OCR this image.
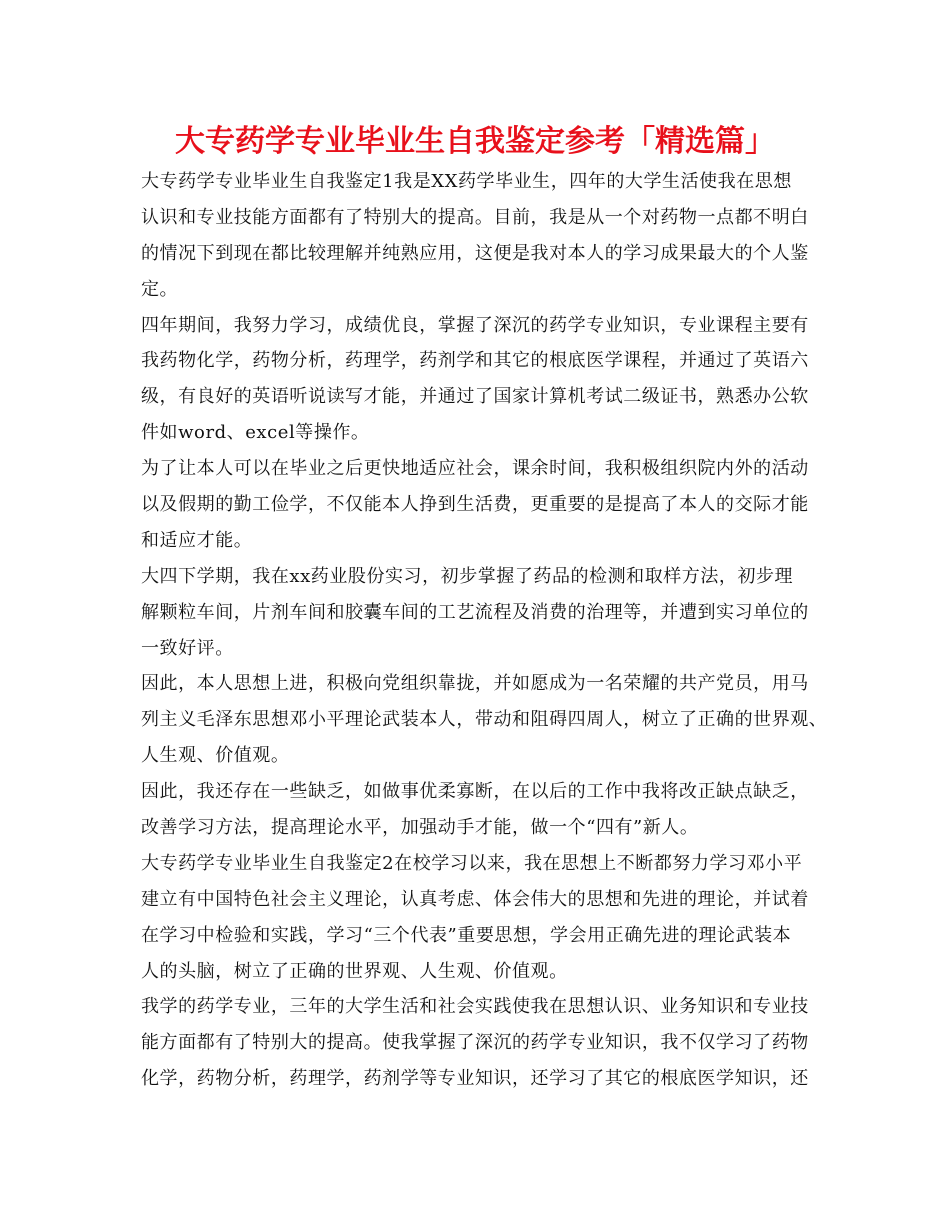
大专药学专业毕业生自我鉴定参考「精选篇」
大专药学专业毕业生自我鉴定1我是XX药学毕业生，四年的大学生活使我在思想
认识和专业技能方面都有了特别大的提高。目前，我是从一个对药物一点都不明白
的情况下到现在都比较理解并纯熟应用，这便是我对本人的学习成果最大的个人鉴
定。
四年期间，我努力学习，成绩优良，掌握了深沉的药学专业知识，专业课程主要有
我药物化学，药物分析，药理学，药剂学和其它的根底医学课程，并通过了英语六
级，有良好的英语听说读写才能，并通过了国家计算机考试二级证书，熟悉办公软
件如word、excel等操作。
为了让本人可以在毕业之后更快地适应社会，课余时间，我积极组织院内外的活动
以及假期的勤工俭学，不仅能本人挣到生活费，更重要的是提高了本人的交际才能
和适应才能。
大四下学期，我在xx药业股份实习，初步掌握了药品的检测和取样方法，初步理
解颗粒车间，片剂车间和胶囊车间的工艺流程及消费的治理等，并遭到实习单位的
一致好评。
因此，本人思想上进，积极向党组织靠拢，并如愿成为一名荣耀的共产党员，用马
列主义毛泽东思想邓小平理论武装本人，带动和阻碍四周人，树立了正确的世界观、
人生观、价值观。
因此，我还存在一些缺乏，如做事优柔寡断，在以后的工作中我将改正缺点缺乏，
改善学习方法，提高理论水平，加强动手才能，做一个“四有”新人。
大专药学专业毕业生自我鉴定2在校学习以来，我在思想上不断都努力学习邓小平
建立有中国特色社会主义理论，认真考虑、体会伟大的思想和先进的理论，并试着
在学习中检验和实践，学习“三个代表”重要思想，学会用正确先进的理论武装本
人的头脑，树立了正确的世界观、人生观、价值观。
我学的药学专业，三年的大学生活和社会实践使我在思想认识、业务知识和专业技
能方面都有了特别大的提高。使我掌握了深沉的药学专业知识，我不仅学习了药物
化学，药物分析，药理学，药剂学等专业知识，还学习了其它的根底医学知识，还
